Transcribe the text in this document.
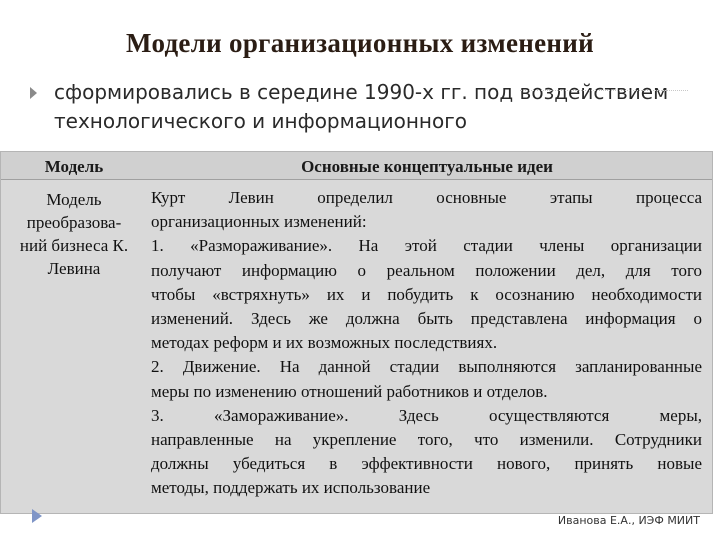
Модели организационных изменений
сформировались в середине 1990-х гг. под воздействием технологического и информационного
Модель	Основные концептуальные идеи
Модель
преобразова-
ний бизнеса К.
Левина
Курт Левин определил основные этапы процесса
организационных изменений:
1. «Размораживание». На этой стадии члены организации
получают информацию о реальном положении дел, для того
чтобы «встряхнуть» их и побудить к осознанию необходимости
изменений. Здесь же должна быть представлена информация о
методах реформ и их возможных последствиях.
2. Движение. На данной стадии выполняются запланированные
меры по изменению отношений работников и отделов.
3. «Замораживание». Здесь осуществляются меры,
направленные на укрепление того, что изменили. Сотрудники
должны убедиться в эффективности нового, принять новые
методы, поддержать их использование
Иванова Е.А., ИЭФ МИИТ
